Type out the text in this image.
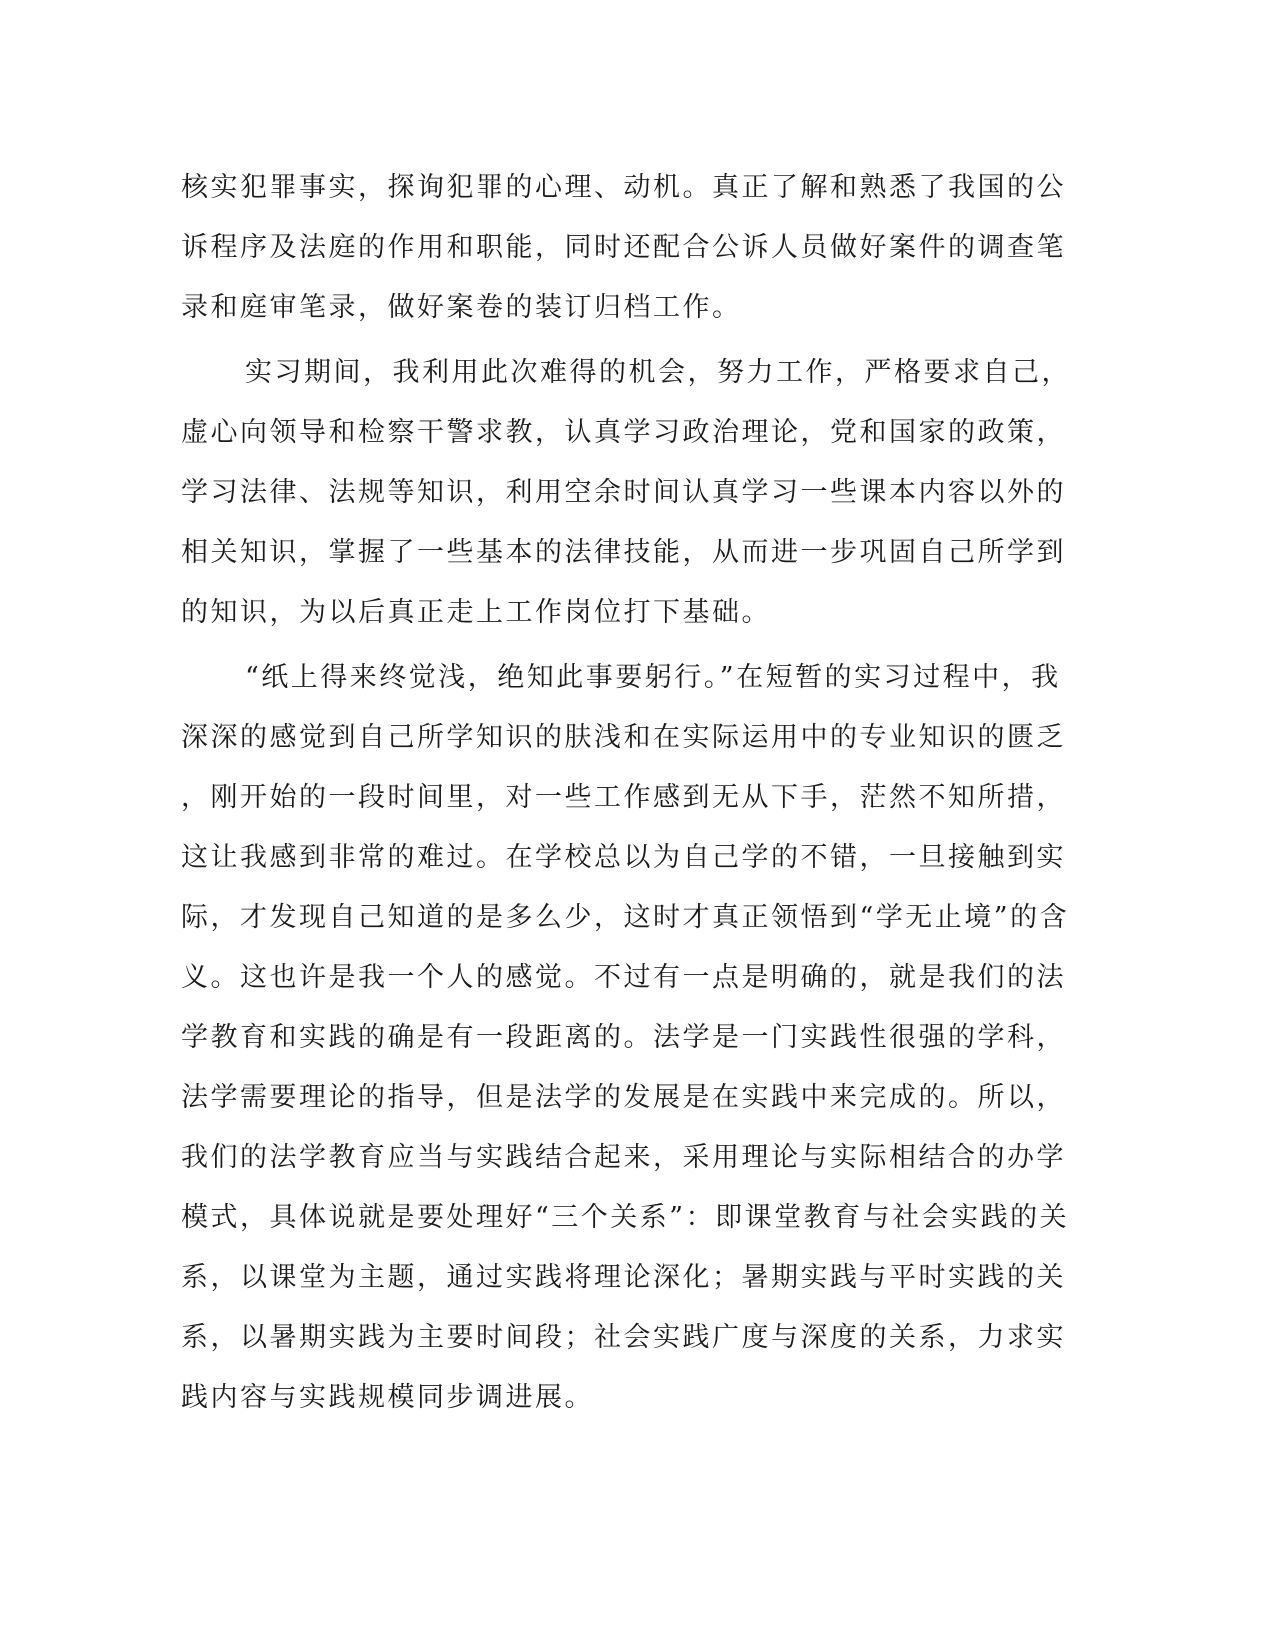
核实犯罪事实，探询犯罪的心理、动机。真正了解和熟悉了我国的公
诉程序及法庭的作用和职能，同时还配合公诉人员做好案件的调查笔
录和庭审笔录，做好案卷的装订归档工作。
实习期间，我利用此次难得的机会，努力工作，严格要求自己，
虚心向领导和检察干警求教，认真学习政治理论，党和国家的政策，
学习法律、法规等知识，利用空余时间认真学习一些课本内容以外的
相关知识，掌握了一些基本的法律技能，从而进一步巩固自己所学到
的知识，为以后真正走上工作岗位打下基础。
“纸上得来终觉浅，绝知此事要躬行。”在短暂的实习过程中，我
深深的感觉到自己所学知识的肤浅和在实际运用中的专业知识的匮乏
，刚开始的一段时间里，对一些工作感到无从下手，茫然不知所措，
这让我感到非常的难过。在学校总以为自己学的不错，一旦接触到实
际，才发现自己知道的是多么少，这时才真正领悟到“学无止境”的含
义。这也许是我一个人的感觉。不过有一点是明确的，就是我们的法
学教育和实践的确是有一段距离的。法学是一门实践性很强的学科，
法学需要理论的指导，但是法学的发展是在实践中来完成的。所以，
我们的法学教育应当与实践结合起来，采用理论与实际相结合的办学
模式，具体说就是要处理好“三个关系”：即课堂教育与社会实践的关
系，以课堂为主题，通过实践将理论深化；暑期实践与平时实践的关
系，以暑期实践为主要时间段；社会实践广度与深度的关系，力求实
践内容与实践规模同步调进展。
